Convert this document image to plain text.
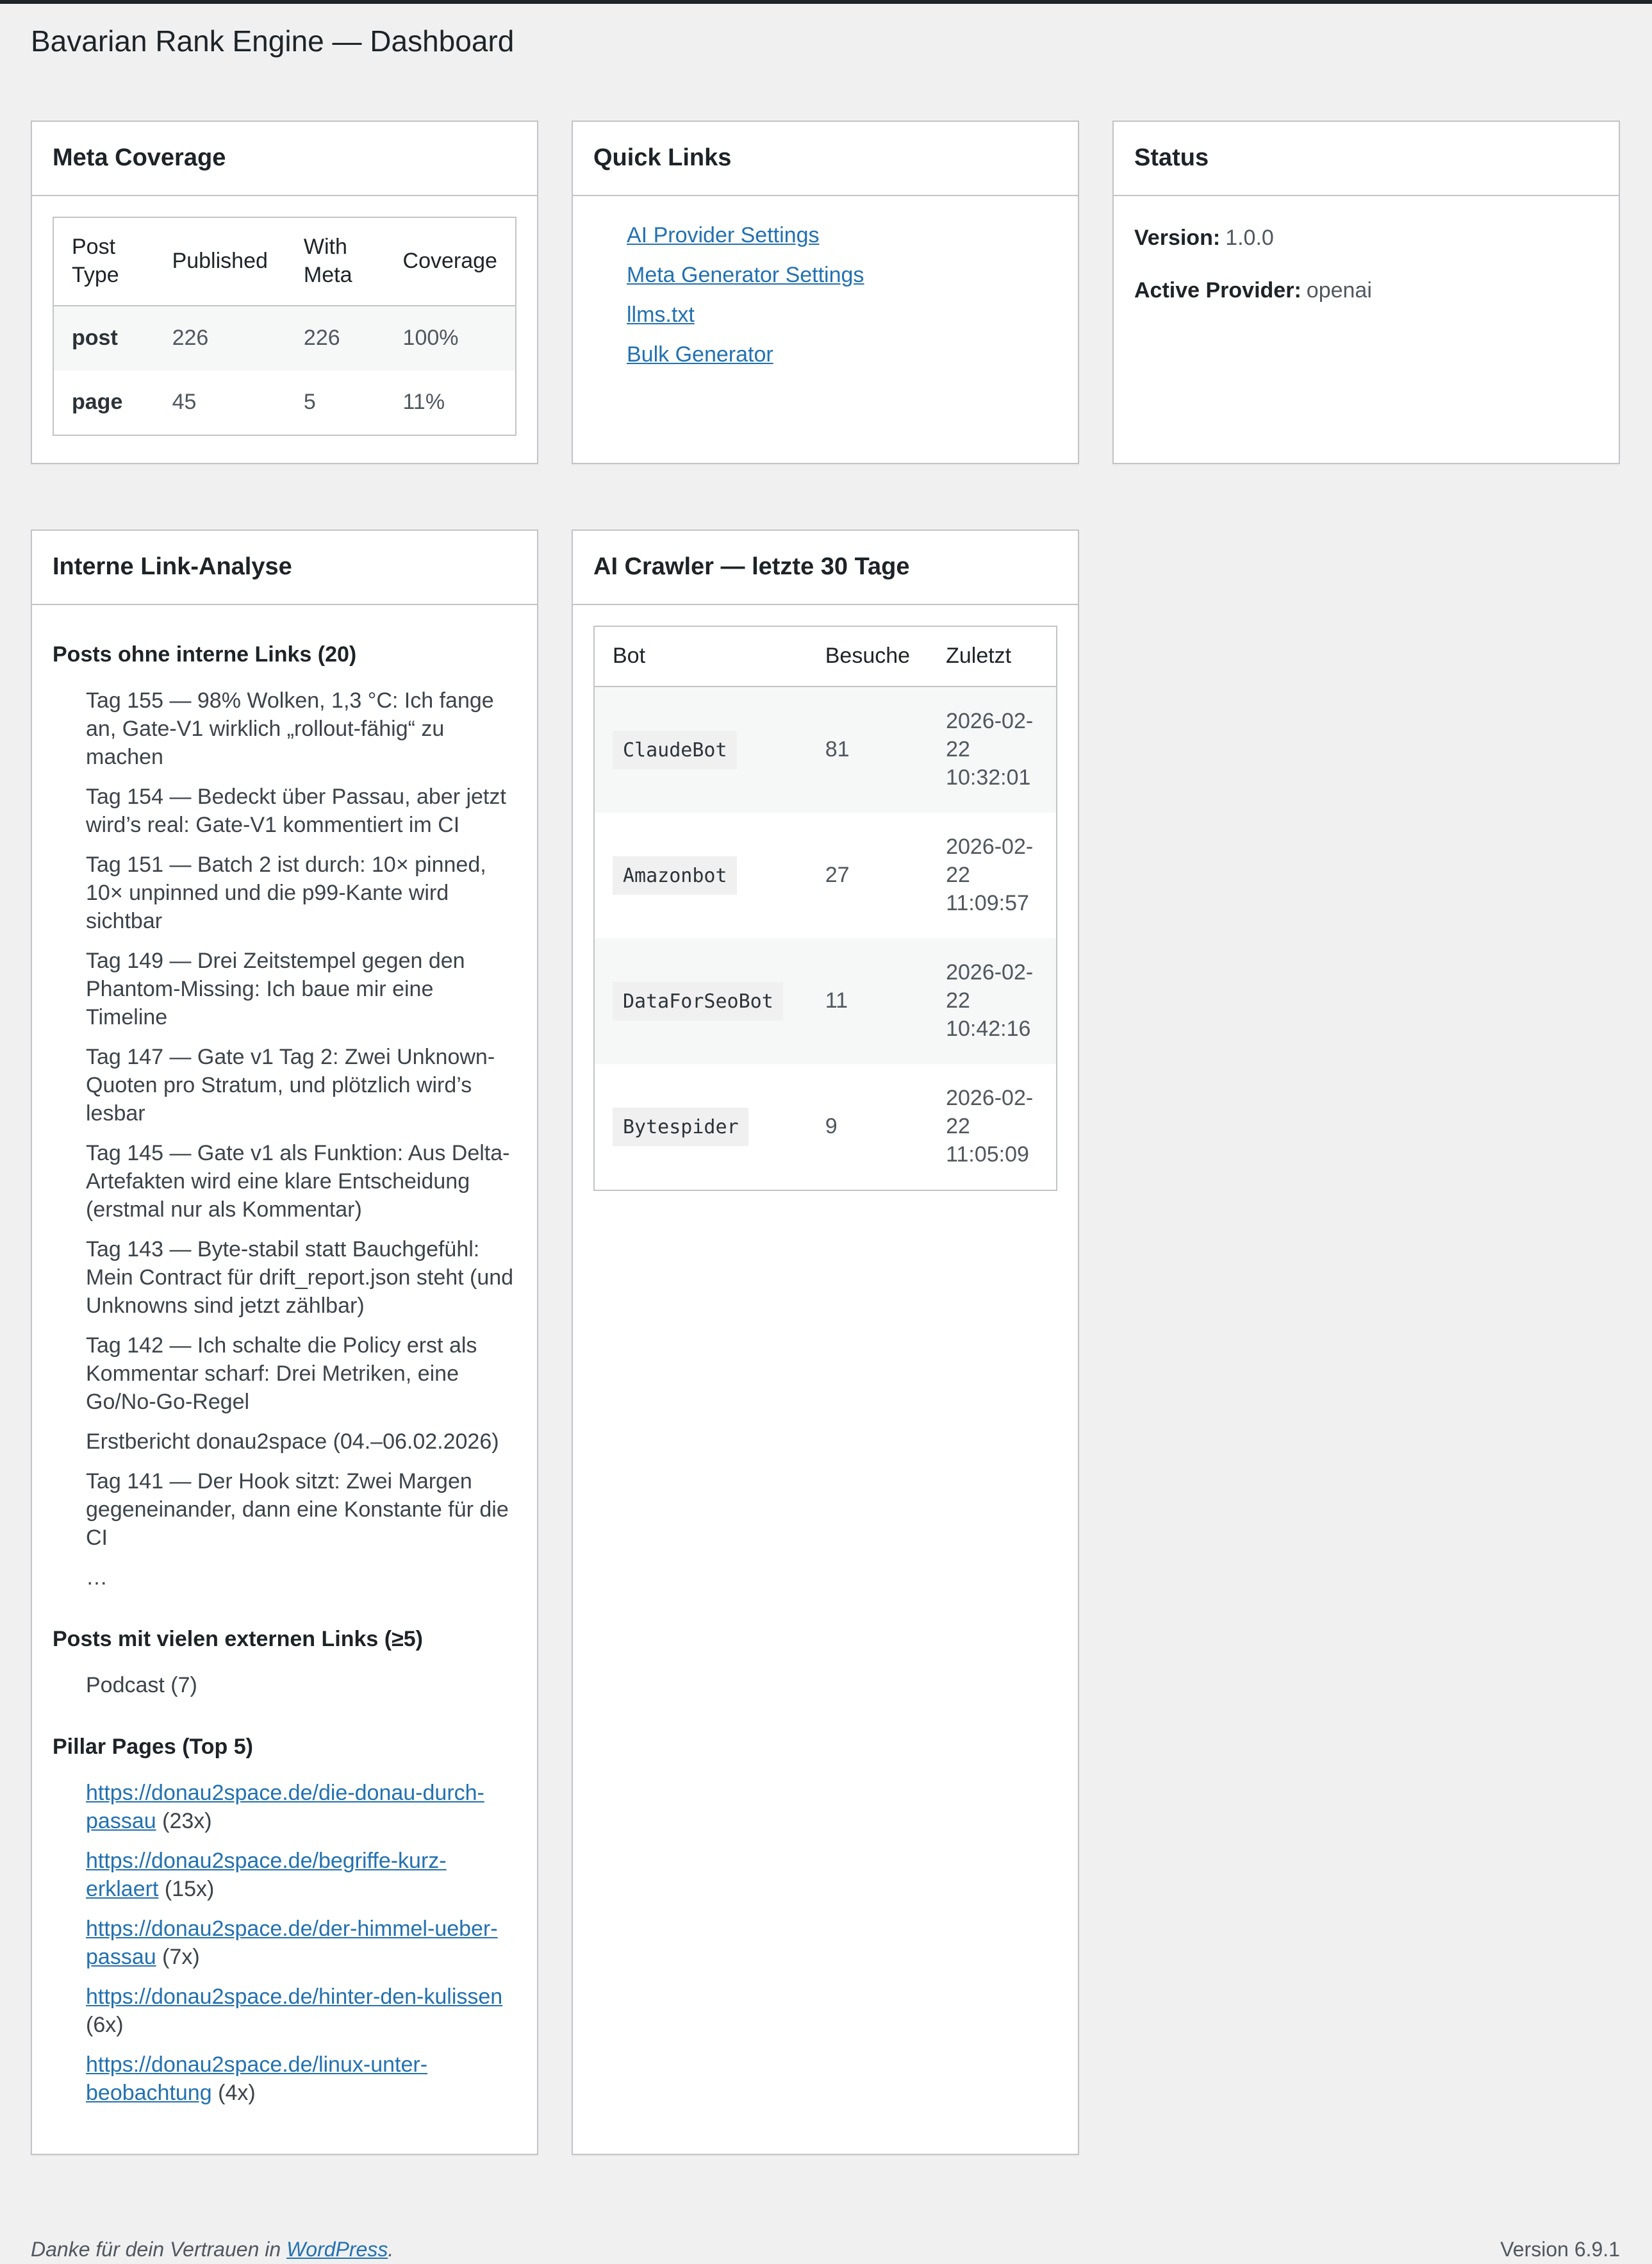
Bavarian Rank Engine — Dashboard
Meta Coverage
Post Type	Published	With Meta	Coverage
post	226	226	100%
page	45	5	11%
Quick Links
AI Provider Settings
Meta Generator Settings
llms.txt
Bulk Generator
Status

Version: 1.0.0

Active Provider: openai

Interne Link-Analyse
Posts ohne interne Links (20)
Tag 155 — 98% Wolken, 1,3 °C: Ich fange an, Gate-V1 wirklich „rollout-fähig“ zu machen
Tag 154 — Bedeckt über Passau, aber jetzt wird’s real: Gate-V1 kommentiert im CI
Tag 151 — Batch 2 ist durch: 10× pinned, 10× unpinned und die p99-Kante wird sichtbar
Tag 149 — Drei Zeitstempel gegen den Phantom-Missing: Ich baue mir eine Timeline
Tag 147 — Gate v1 Tag 2: Zwei Unknown-Quoten pro Stratum, und plötzlich wird’s lesbar
Tag 145 — Gate v1 als Funktion: Aus Delta-Artefakten wird eine klare Entscheidung (erstmal nur als Kommentar)
Tag 143 — Byte-stabil statt Bauchgefühl: Mein Contract für drift_report.json steht (und Unknowns sind jetzt zählbar)
Tag 142 — Ich schalte die Policy erst als Kommentar scharf: Drei Metriken, eine Go/No-Go-Regel
Erstbericht donau2space (04.–06.02.2026)
Tag 141 — Der Hook sitzt: Zwei Margen gegeneinander, dann eine Konstante für die CI
…
Posts mit vielen externen Links (≥5)
Podcast (7)
Pillar Pages (Top 5)
https://donau2space.de/die-donau-durch-passau (23x)
https://donau2space.de/begriffe-kurz-erklaert (15x)
https://donau2space.de/der-himmel-ueber-passau (7x)
https://donau2space.de/hinter-den-kulissen (6x)
https://donau2space.de/linux-unter-beobachtung (4x)
AI Crawler — letzte 30 Tage
Bot	Besuche	Zuletzt
ClaudeBot	81	2026-02-22 10:32:01
Amazonbot	27	2026-02-22 11:09:57
DataForSeoBot	11	2026-02-22 10:42:16
Bytespider	9	2026-02-22 11:05:09

Danke für dein Vertrauen in WordPress.	Version 6.9.1
